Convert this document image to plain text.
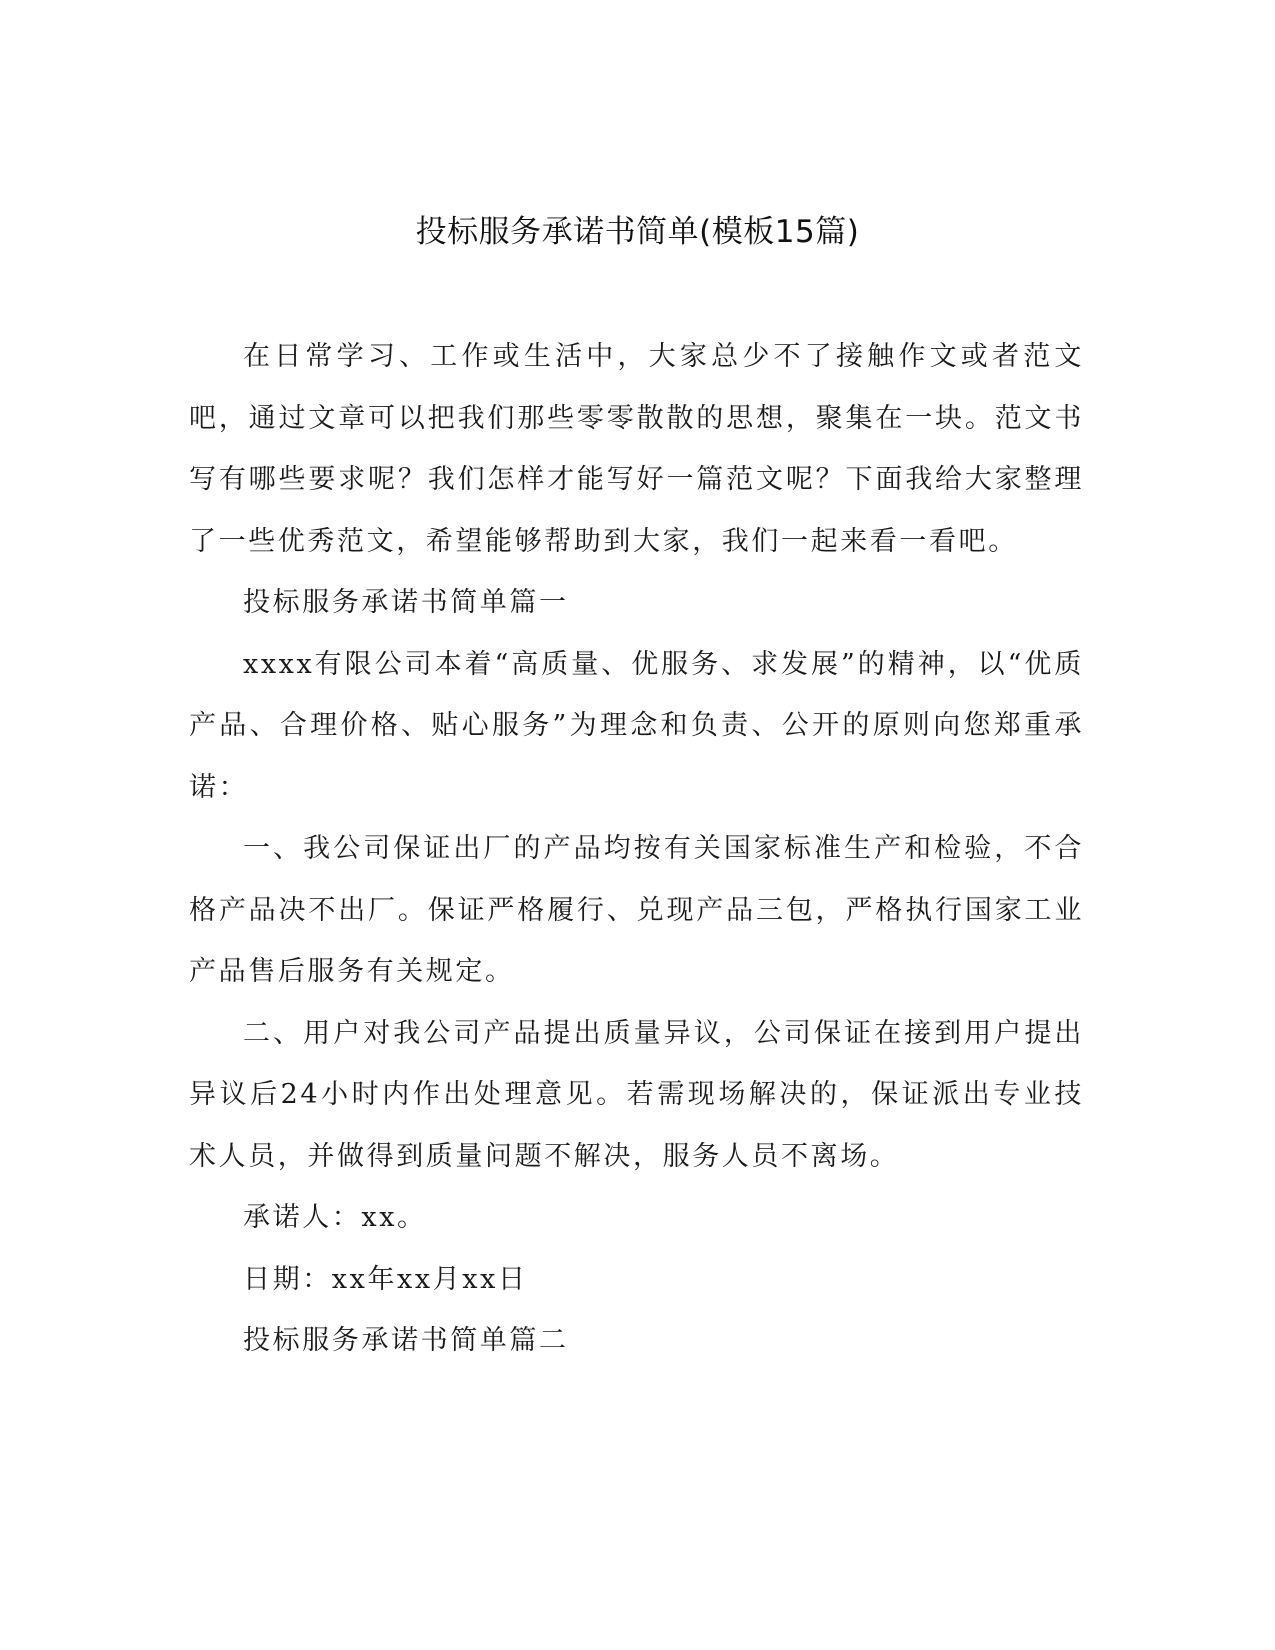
投标服务承诺书简单(模板15篇)

在日常学习、工作或生活中，大家总少不了接触作文或者范文吧，通过文章可以把我们那些零零散散的思想，聚集在一块。范文书写有哪些要求呢？我们怎样才能写好一篇范文呢？下面我给大家整理了一些优秀范文，希望能够帮助到大家，我们一起来看一看吧。

投标服务承诺书简单篇一

xxxx有限公司本着“高质量、优服务、求发展”的精神，以“优质产品、合理价格、贴心服务”为理念和负责、公开的原则向您郑重承诺：

一、我公司保证出厂的产品均按有关国家标准生产和检验，不合格产品决不出厂。保证严格履行、兑现产品三包，严格执行国家工业产品售后服务有关规定。

二、用户对我公司产品提出质量异议，公司保证在接到用户提出异议后24小时内作出处理意见。若需现场解决的，保证派出专业技术人员，并做得到质量问题不解决，服务人员不离场。

承诺人：xx。

日期：xx年xx月xx日

投标服务承诺书简单篇二
